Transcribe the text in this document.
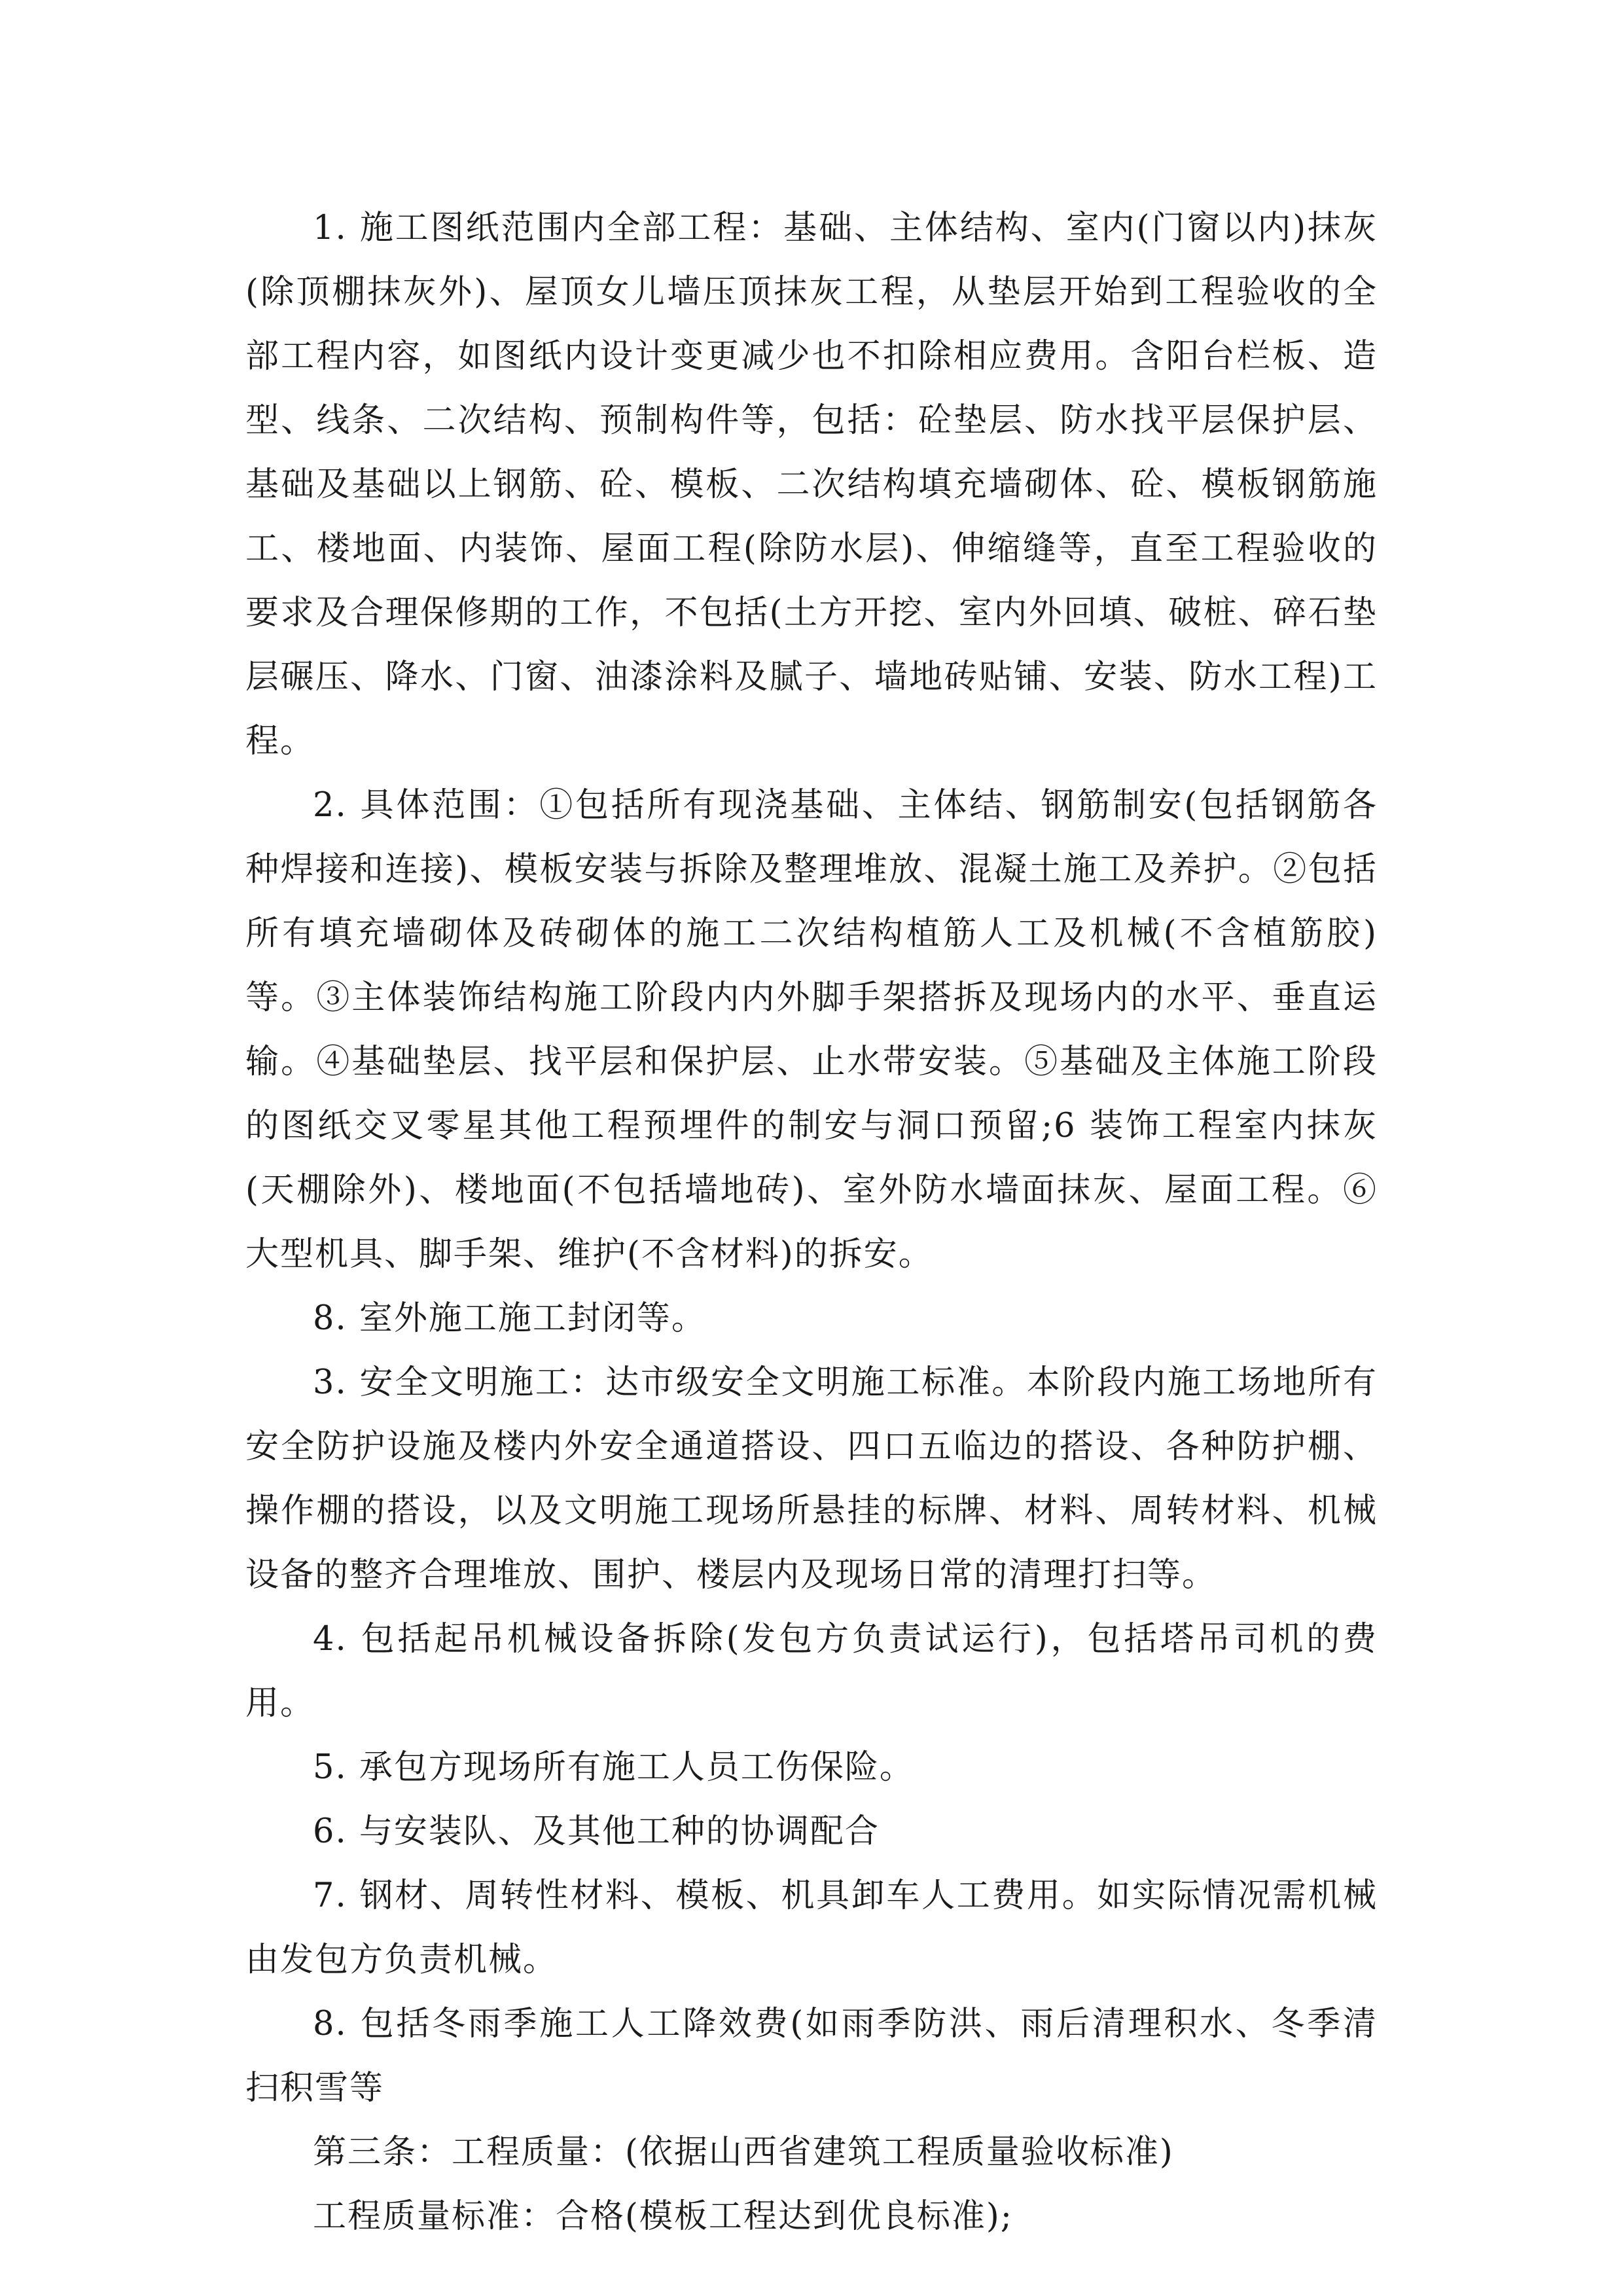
1. 施工图纸范围内全部工程：基础、主体结构、室内(门窗以内)抹灰(除顶棚抹灰外)、屋顶女儿墙压顶抹灰工程，从垫层开始到工程验收的全部工程内容，如图纸内设计变更减少也不扣除相应费用。含阳台栏板、造型、线条、二次结构、预制构件等，包括：砼垫层、防水找平层保护层、基础及基础以上钢筋、砼、模板、二次结构填充墙砌体、砼、模板钢筋施工、楼地面、内装饰、屋面工程(除防水层)、伸缩缝等，直至工程验收的要求及合理保修期的工作，不包括(土方开挖、室内外回填、破桩、碎石垫层碾压、降水、门窗、油漆涂料及腻子、墙地砖贴铺、安装、防水工程)工程。

2. 具体范围：①包括所有现浇基础、主体结、钢筋制安(包括钢筋各种焊接和连接)、模板安装与拆除及整理堆放、混凝土施工及养护。②包括所有填充墙砌体及砖砌体的施工二次结构植筋人工及机械(不含植筋胶)等。③主体装饰结构施工阶段内内外脚手架搭拆及现场内的水平、垂直运输。④基础垫层、找平层和保护层、止水带安装。⑤基础及主体施工阶段的图纸交叉零星其他工程预埋件的制安与洞口预留;6 装饰工程室内抹灰(天棚除外)、楼地面(不包括墙地砖)、室外防水墙面抹灰、屋面工程。⑥大型机具、脚手架、维护(不含材料)的拆安。

8. 室外施工施工封闭等。

3. 安全文明施工：达市级安全文明施工标准。本阶段内施工场地所有安全防护设施及楼内外安全通道搭设、四口五临边的搭设、各种防护棚、操作棚的搭设，以及文明施工现场所悬挂的标牌、材料、周转材料、机械设备的整齐合理堆放、围护、楼层内及现场日常的清理打扫等。

4. 包括起吊机械设备拆除(发包方负责试运行)，包括塔吊司机的费用。

5. 承包方现场所有施工人员工伤保险。

6. 与安装队、及其他工种的协调配合

7. 钢材、周转性材料、模板、机具卸车人工费用。如实际情况需机械由发包方负责机械。

8. 包括冬雨季施工人工降效费(如雨季防洪、雨后清理积水、冬季清扫积雪等

第三条：工程质量：(依据山西省建筑工程质量验收标准)

工程质量标准：合格(模板工程达到优良标准);
